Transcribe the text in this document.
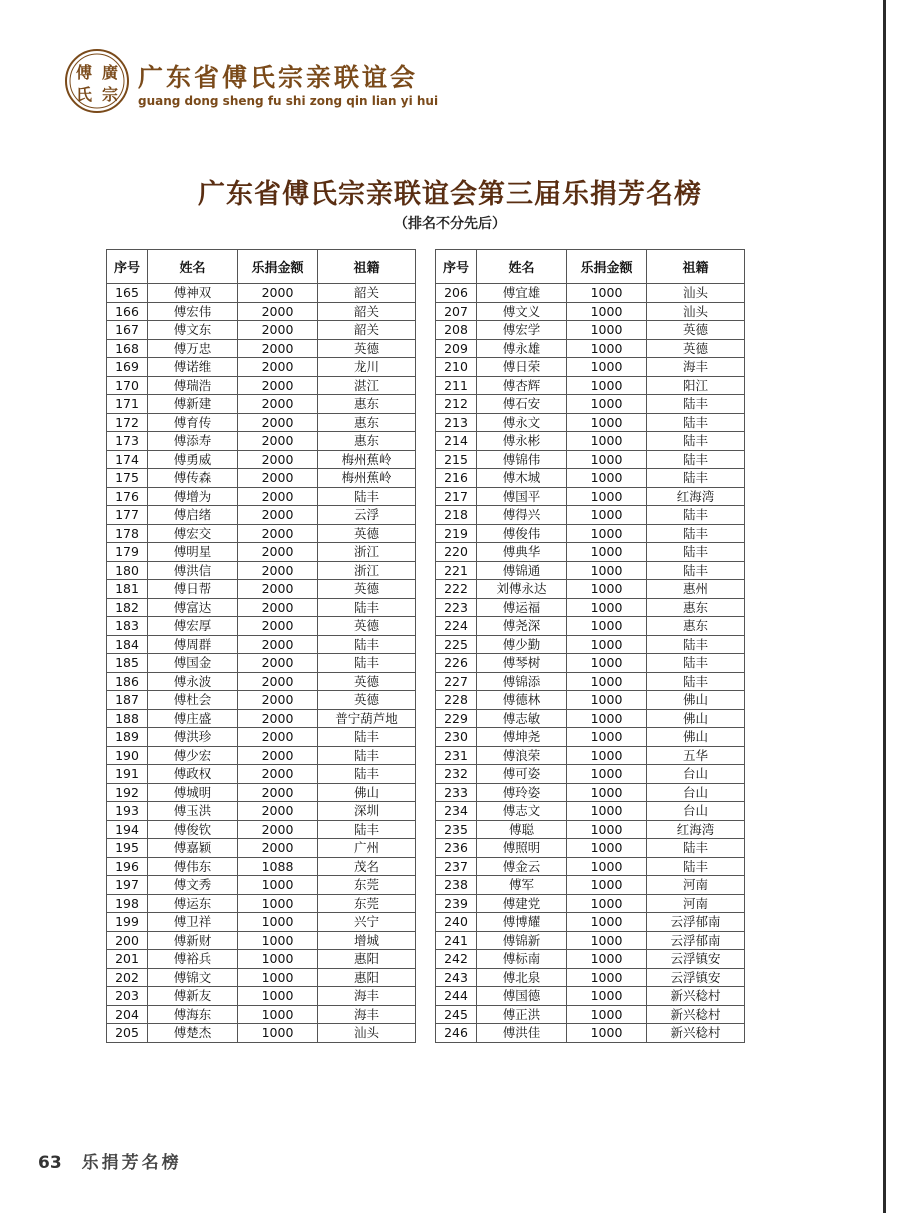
傅 廣
氏 宗
广东省傅氏宗亲联谊会
guang dong sheng fu shi zong qin lian yi hui
广东省傅氏宗亲联谊会第三届乐捐芳名榜
（排名不分先后）
序号	姓名	乐捐金额	祖籍
165	傅神双	2000	韶关
166	傅宏伟	2000	韶关
167	傅文东	2000	韶关
168	傅万忠	2000	英德
169	傅诺维	2000	龙川
170	傅瑞浩	2000	湛江
171	傅新建	2000	惠东
172	傅育传	2000	惠东
173	傅添寿	2000	惠东
174	傅勇威	2000	梅州蕉岭
175	傅传森	2000	梅州蕉岭
176	傅增为	2000	陆丰
177	傅启绪	2000	云浮
178	傅宏交	2000	英德
179	傅明星	2000	浙江
180	傅洪信	2000	浙江
181	傅日帮	2000	英德
182	傅富达	2000	陆丰
183	傅宏厚	2000	英德
184	傅周群	2000	陆丰
185	傅国金	2000	陆丰
186	傅永波	2000	英德
187	傅杜会	2000	英德
188	傅庄盛	2000	普宁葫芦地
189	傅洪珍	2000	陆丰
190	傅少宏	2000	陆丰
191	傅政权	2000	陆丰
192	傅城明	2000	佛山
193	傅玉洪	2000	深圳
194	傅俊钦	2000	陆丰
195	傅嘉颖	2000	广州
196	傅伟东	1088	茂名
197	傅文秀	1000	东莞
198	傅运东	1000	东莞
199	傅卫祥	1000	兴宁
200	傅新财	1000	增城
201	傅裕兵	1000	惠阳
202	傅锦文	1000	惠阳
203	傅新友	1000	海丰
204	傅海东	1000	海丰
205	傅楚杰	1000	汕头
序号	姓名	乐捐金额	祖籍
206	傅宜雄	1000	汕头
207	傅文义	1000	汕头
208	傅宏学	1000	英德
209	傅永雄	1000	英德
210	傅日荣	1000	海丰
211	傅杏辉	1000	阳江
212	傅石安	1000	陆丰
213	傅永文	1000	陆丰
214	傅永彬	1000	陆丰
215	傅锦伟	1000	陆丰
216	傅木城	1000	陆丰
217	傅国平	1000	红海湾
218	傅得兴	1000	陆丰
219	傅俊伟	1000	陆丰
220	傅典华	1000	陆丰
221	傅锦通	1000	陆丰
222	刘傅永达	1000	惠州
223	傅运福	1000	惠东
224	傅尧深	1000	惠东
225	傅少勤	1000	陆丰
226	傅琴树	1000	陆丰
227	傅锦添	1000	陆丰
228	傅德林	1000	佛山
229	傅志敏	1000	佛山
230	傅坤尧	1000	佛山
231	傅浪荣	1000	五华
232	傅可姿	1000	台山
233	傅玲姿	1000	台山
234	傅志文	1000	台山
235	傅聪	1000	红海湾
236	傅照明	1000	陆丰
237	傅金云	1000	陆丰
238	傅军	1000	河南
239	傅建党	1000	河南
240	傅博耀	1000	云浮郁南
241	傅锦新	1000	云浮郁南
242	傅标南	1000	云浮镇安
243	傅北泉	1000	云浮镇安
244	傅国德	1000	新兴稔村
245	傅正洪	1000	新兴稔村
246	傅洪佳	1000	新兴稔村
63 乐捐芳名榜
